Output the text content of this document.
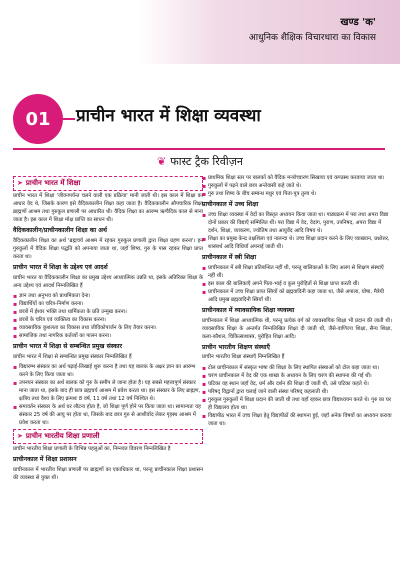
खण्ड 'क'
आधुनिक शैक्षिक विचारधारा का विकास
01	प्राचीन भारत में शिक्षा व्यवस्था
❦ फास्ट ट्रैक रिवीज़न
➤ प्राचीन भारत में शिक्षा

प्राचीन भारत में शिक्षा 'जीवनपर्यन्त चलने वाली एक प्रक्रिया' मानी जाती थी। इस काल में शिक्षा का आधार वेद थे, जिसके कारण इसे वैदिककालीन शिक्षा कहा जाता है। वैदिककालीन औपचारिक शिक्षा ब्राह्मणों आश्रम तथा गुरुकुल प्रणाली पर आधारित थी। वैदिक शिक्षा का आरम्भ ऋग्वैदिक काल से माना जाता है। इस काल में शिक्षा मोक्ष प्राप्ति का साधन थी।

वैदिककालीन/प्राचीनकालीन शिक्षा का अर्थ

वैदिककालीन शिक्षा का अर्थ 'ब्रह्मचर्य आश्रम में रहकर गुरुकुल प्रणाली द्वारा शिक्षा ग्रहण करना'। इन गुरुकुलों में वैदिक शिक्षा पद्धति को अपनाया जाता था, जहाँ शिष्य, गुरु के पास रहकर शिक्षा प्राप्त करता था।

प्राचीन भारत में शिक्षा के उद्देश्य एवं आदर्श

प्राचीन भारत या वैदिककालीन शिक्षा का प्रमुख उद्देश्य आध्यात्मिक उन्नति था, इसके अतिरिक्त शिक्षा के अन्य उद्देश्य एवं आदर्श निम्नलिखित हैं

▪ ज्ञान तथा अनुभव को प्राथमिकता देना।
▪ विद्यार्थियों का चरित्र-निर्माण करना।
▪ छात्रों में ईश्वर भक्ति तथा धार्मिकता के प्रति उन्मुख करना।
▪ छात्रों के चरित्र एवं व्यक्तित्व का विकास करना।
▪ व्यावसायिक कुशलता का विकास तथा जीविकोपार्जन के लिए तैयार करना।
▪ सामाजिक तथा नागरिक कर्तव्यों का पालन करना।
प्राचीन भारत में शिक्षा से सम्बन्धित प्रमुख संस्कार

प्राचीन भारत में शिक्षा से सम्बन्धित प्रमुख संस्कार निम्नलिखित हैं

▪ विद्यारम्भ संस्कार का अर्थ पढ़ाई-लिखाई शुरू करना है तथा यह बालक के अक्षर ज्ञान का आरम्भ करने के लिए किया जाता था।
▪ उपनयन संस्कार का अर्थ बालक को गुरु के समीप ले जाना होता है। यह सबसे महत्त्वपूर्ण संस्कार माना जाता था, इसके बाद ही छात्र ब्रह्मचर्य आश्रम में प्रवेश करता था। इस संस्कार के लिए ब्राह्मण, क्षत्रिय तथा वैश्य के लिए क्रमशः 8 वर्ष, 11 वर्ष तथा 12 वर्ष निश्चित थे।
▪ समावर्तन संस्कार के अर्थ घर लौटना होता है, जो शिक्षा पूर्ण होने पर किया जाता था। सामान्यतः यह संस्कार 25 वर्ष की आयु पर होता था, जिसके बाद छात्र गुरु से आशीर्वाद लेकर गृहस्थ आश्रम में प्रवेश करता था।
➤ प्राचीन भारतीय शिक्षा प्रणाली

प्राचीन भारतीय शिक्षा प्रणाली के विभिन्न पहलुओं का, निम्नवत विवरण निम्नलिखित है

प्राचीनकाल में शिक्षा प्रशासन

प्राचीनकाल में भारतीय शिक्षा प्रणाली पर ब्राह्मणों का एकाधिकार था, परन्तु प्राचीनकाल शिक्षा प्रशासन की व्यवस्था से युक्त थी।

▪ प्राथमिक शिक्षा स्तर पर बालकों को वैदिक मन्त्रोच्चारण सिखाया एवं कण्ठस्थ करवाया जाता था।
▪ गुरुकुलों में पढ़ने वाले छात्र अन्तेवासी कहे जाते थे।
▪ गुरु तथा शिष्य के बीच सम्बन्ध मधुर एवं पिता-पुत्र तुल्य थे।
प्राचीनकाल में उच्च शिक्षा
▪ उच्च शिक्षा व्यवस्था में वेदों का विस्तृत अध्ययन किया जाता था। पाठ्यक्रम में परा तथा अपरा विद्या दोनों प्रकार की विद्याएँ सम्मिलित थीं। परा विद्या में वेद, वेदांग, पुराण, उपनिषद, अपरा विद्या में दर्शन, शिक्षा, व्याकरण, ज्योतिष तथा आयुर्वेद आदि विषय थे।
▪ शिक्षा का प्रमुख केन्द्र तक्षशिला एवं नालन्दा थे। उच्च शिक्षा प्रदान करने के लिए व्याख्यान, प्रश्नोत्तर, शास्त्रार्थ आदि विधियाँ अपनाई जाती थीं।
प्राचीनकाल में स्त्री शिक्षा
▪ प्राचीनकाल में स्त्री शिक्षा प्रतिबन्धित नहीं थी, परन्तु बालिकाओं के लिए अलग से शिक्षण संस्थाएँ नहीं थीं।
▪ इस काल की बालिकाएँ अपने पिता-भाई व कुल पुरोहितों से शिक्षा प्राप्त करती थीं।
▪ प्राचीनकाल में उच्च शिक्षा प्राप्त स्त्रियों को ब्रह्मवादिनी कहा जाता था, जैसे अपाला, घोषा, मैत्रेयी आदि प्रमुख ब्रह्मवादिनी स्त्रियाँ थीं।
प्राचीनकाल में व्यावसायिक शिक्षा व्यवस्था

प्राचीनकाल में शिक्षा आध्यात्मिक थी, परन्तु प्रत्येक वर्ग को व्यावसायिक शिक्षा भी प्रदान की जाती थी। व्यावसायिक शिक्षा के अन्तर्गत निम्नलिखित शिक्षा दी जाती थी, जैसे-वाणिज्य शिक्षा, सैन्य शिक्षा, कला-कौशल, चिकित्साशास्त्र, पुरोहित शिक्षा आदि।

प्राचीन भारतीय शिक्षण संस्थाएँ

प्राचीन भारतीय शिक्षा संस्थाएँ निम्नलिखित हैं

▪ टोल प्राचीनकाल में संस्कृत भाषा की शिक्षा के लिए स्थापित संस्थाओं को टोल कहा जाता था।
▪ चरण प्राचीनकाल में वेद की एक शाखा के अध्ययन के लिए चरण की स्थापना की गई थी।
▪ घटिका वह स्थान जहाँ वेद, धर्म और दर्शन की शिक्षा दी जाती थी, उसे घटिका कहते थे।
▪ परिषद् विद्वानों द्वारा चलाई जाने वाली संस्था परिषद् कहलाती थी।
▪ गुरुकुल गुरुकुलों में शिक्षा प्रदान की जाती थी तथा यहाँ रहकर छात्र विद्याध्ययन करते थे। गुरु का घर ही विद्यालय होता था।
▪ विद्यापीठ भारत में उच्च शिक्षा हेतु विद्यापीठों की स्थापना हुई, जहाँ अनेक विषयों का अध्ययन कराया जाता था।
